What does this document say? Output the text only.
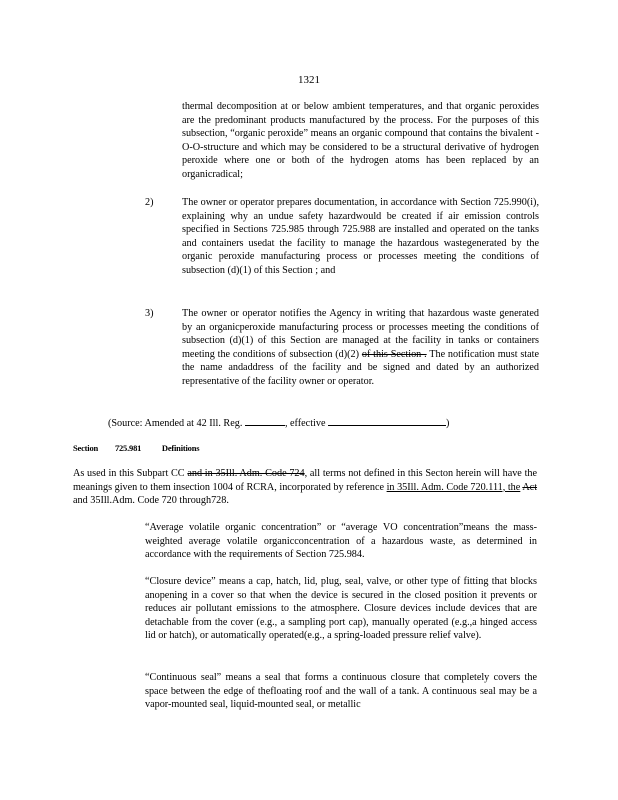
1321
thermal decomposition at or below ambient temperatures, and that organic peroxides are the predominant products manufactured by the process. For the purposes of this subsection, “organic peroxide” means an organic compound that contains the bivalent -O-O-structure and which may be considered to be a structural derivative of hydrogen peroxide where one or both of the hydrogen atoms has been replaced by an organicradical;
2)	The owner or operator prepares documentation, in accordance with Section 725.990(i), explaining why an undue safety hazardwould be created if air emission controls specified in Sections 725.985 through 725.988 are installed and operated on the tanks and containers usedat the facility to manage the hazardous wastegenerated by the organic peroxide manufacturing process or processes meeting the conditions of subsection (d)(1) of this Section ; and
3)	The owner or operator notifies the Agency in writing that hazardous waste generated by an organicperoxide manufacturing process or processes meeting the conditions of subsection (d)(1) of this Section are managed at the facility in tanks or containers meeting the conditions of subsection (d)(2) of this Section . The notification must state the name andaddress of the facility and be signed and dated by an authorized representative of the facility owner or operator.
(Source: Amended at 42 Ill. Reg.	, effective	)
Section 725.981 Definitions
As used in this Subpart CC and in 35Ill. Adm. Code 724, all terms not defined in this Secton herein will have the meanings given to them insection 1004 of RCRA, incorporated by reference in 35Ill. Adm. Code 720.111, the Act and 35Ill.Adm. Code 720 through728.
“Average volatile organic concentration” or “average VO concentration”means the mass-weighted average volatile organicconcentration of a hazardous waste, as determined in accordance with the requirements of Section 725.984.
“Closure device” means a cap, hatch, lid, plug, seal, valve, or other type of fitting that blocks anopening in a cover so that when the device is secured in the closed position it prevents or reduces air pollutant emissions to the atmosphere. Closure devices include devices that are detachable from the cover (e.g., a sampling port cap), manually operated (e.g.,a hinged access lid or hatch), or automatically operated(e.g., a spring-loaded pressure relief valve).
“Continuous seal” means a seal that forms a continuous closure that completely covers the space between the edge of thefloating roof and the wall of a tank. A continuous seal may be a vapor-mounted seal, liquid-mounted seal, or metallic
